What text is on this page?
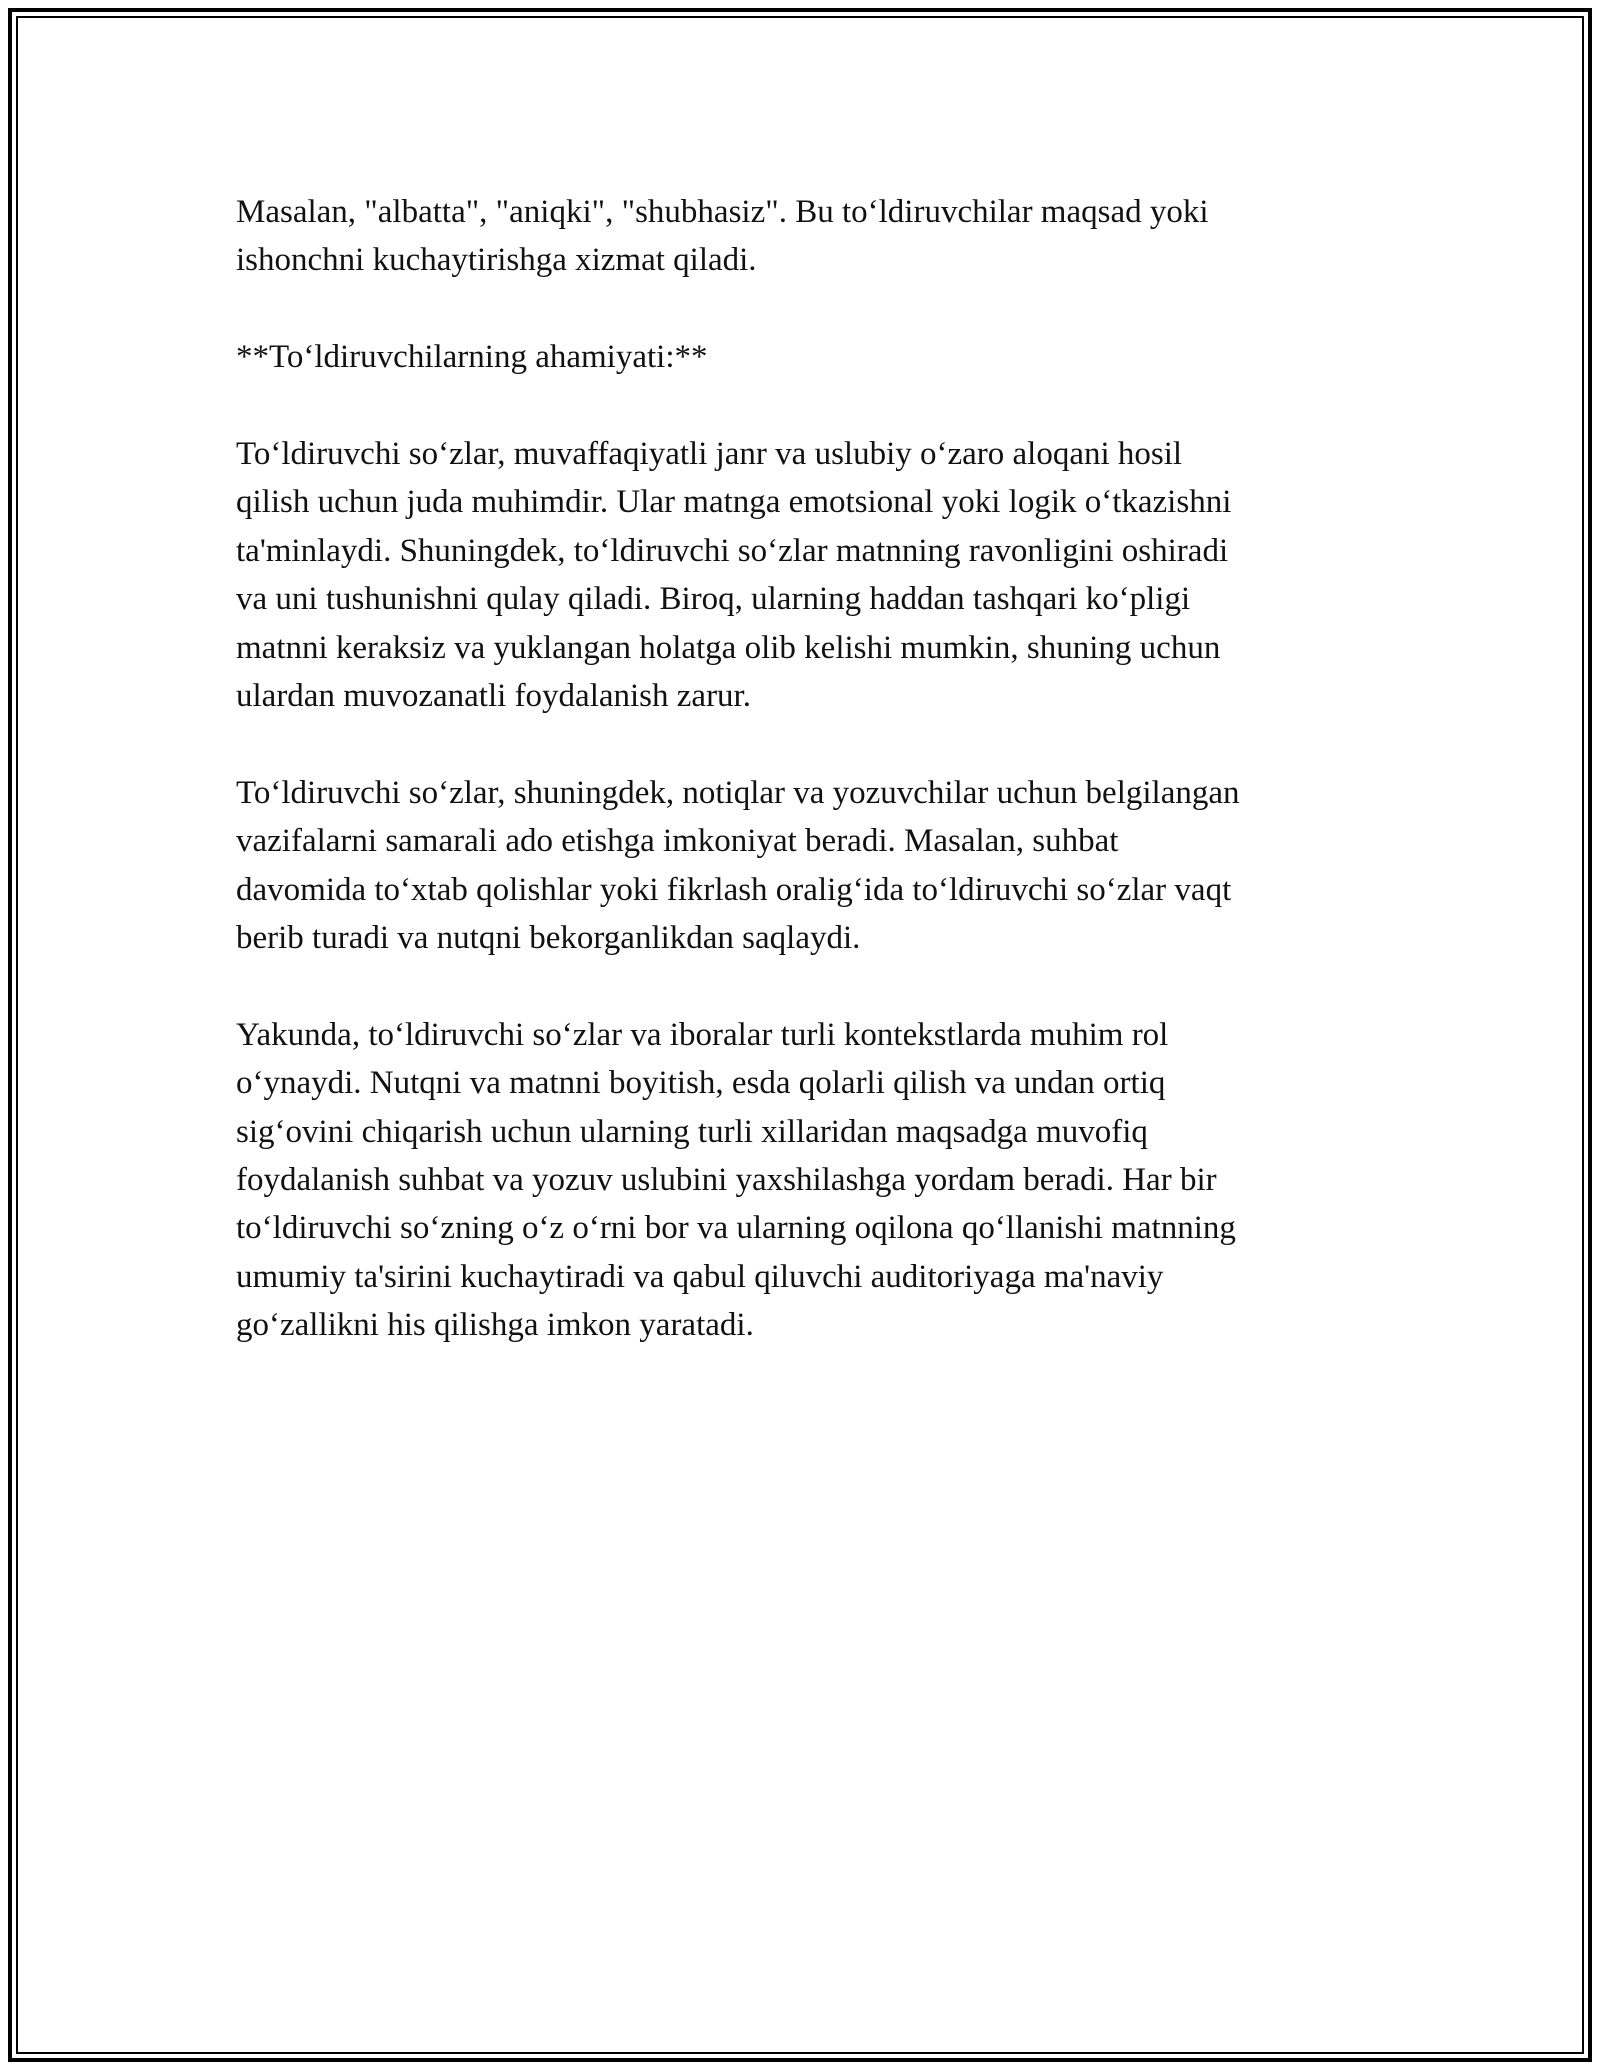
Masalan, "albatta", "aniqki", "shubhasiz". Bu to‘ldiruvchilar maqsad yoki
ishonchni kuchaytirishga xizmat qiladi.

**To‘ldiruvchilarning ahamiyati:**

To‘ldiruvchi so‘zlar, muvaffaqiyatli janr va uslubiy o‘zaro aloqani hosil
qilish uchun juda muhimdir. Ular matnga emotsional yoki logik o‘tkazishni
ta'minlaydi. Shuningdek, to‘ldiruvchi so‘zlar matnning ravonligini oshiradi
va uni tushunishni qulay qiladi. Biroq, ularning haddan tashqari ko‘pligi
matnni keraksiz va yuklangan holatga olib kelishi mumkin, shuning uchun
ulardan muvozanatli foydalanish zarur.

To‘ldiruvchi so‘zlar, shuningdek, notiqlar va yozuvchilar uchun belgilangan
vazifalarni samarali ado etishga imkoniyat beradi. Masalan, suhbat
davomida to‘xtab qolishlar yoki fikrlash oralig‘ida to‘ldiruvchi so‘zlar vaqt
berib turadi va nutqni bekorganlikdan saqlaydi.

Yakunda, to‘ldiruvchi so‘zlar va iboralar turli kontekstlarda muhim rol
o‘ynaydi. Nutqni va matnni boyitish, esda qolarli qilish va undan ortiq
sig‘ovini chiqarish uchun ularning turli xillaridan maqsadga muvofiq
foydalanish suhbat va yozuv uslubini yaxshilashga yordam beradi. Har bir
to‘ldiruvchi so‘zning o‘z o‘rni bor va ularning oqilona qo‘llanishi matnning
umumiy ta'sirini kuchaytiradi va qabul qiluvchi auditoriyaga ma'naviy
go‘zallikni his qilishga imkon yaratadi.
